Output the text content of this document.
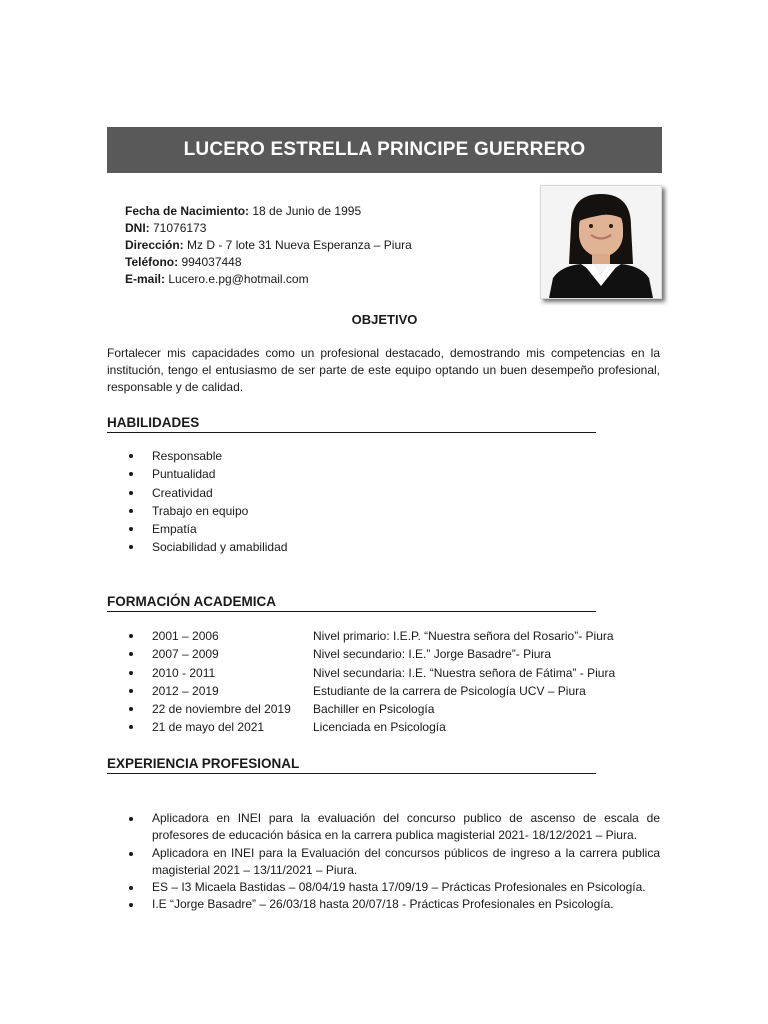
LUCERO ESTRELLA PRINCIPE GUERRERO
Fecha de Nacimiento: 18 de Junio de 1995
DNI: 71076173
Dirección: Mz D - 7 lote 31 Nueva Esperanza – Piura
Teléfono: 994037448
E-mail: Lucero.e.pg@hotmail.com
OBJETIVO
Fortalecer mis capacidades como un profesional destacado, demostrando mis competencias en la institución, tengo el entusiasmo de ser parte de este equipo optando un buen desempeño profesional, responsable y de calidad.
HABILIDADES
Responsable
Puntualidad
Creatividad
Trabajo en equipo
Empatía
Sociabilidad y amabilidad
FORMACIÓN ACADEMICA
2001 – 2006	Nivel primario: I.E.P. “Nuestra señora del Rosario”- Piura
2007 – 2009	Nivel secundario: I.E.” Jorge Basadre”- Piura
2010 - 2011	Nivel secundaria: I.E. “Nuestra señora de Fátima” - Piura
2012 – 2019	Estudiante de la carrera de Psicología UCV – Piura
22 de noviembre del 2019 Bachiller en Psicología
21 de mayo del 2021	Licenciada en Psicología
EXPERIENCIA PROFESIONAL
Aplicadora en INEI para la evaluación del concurso publico de ascenso de escala de profesores de educación básica en la carrera publica magisterial 2021- 18/12/2021 – Piura.
Aplicadora en INEI para la Evaluación del concursos públicos de ingreso a la carrera publica magisterial 2021 – 13/11/2021 – Piura.
ES – I3 Micaela Bastidas – 08/04/19 hasta 17/09/19 – Prácticas Profesionales en Psicología.
I.E “Jorge Basadre” – 26/03/18 hasta 20/07/18 - Prácticas Profesionales en Psicología.
